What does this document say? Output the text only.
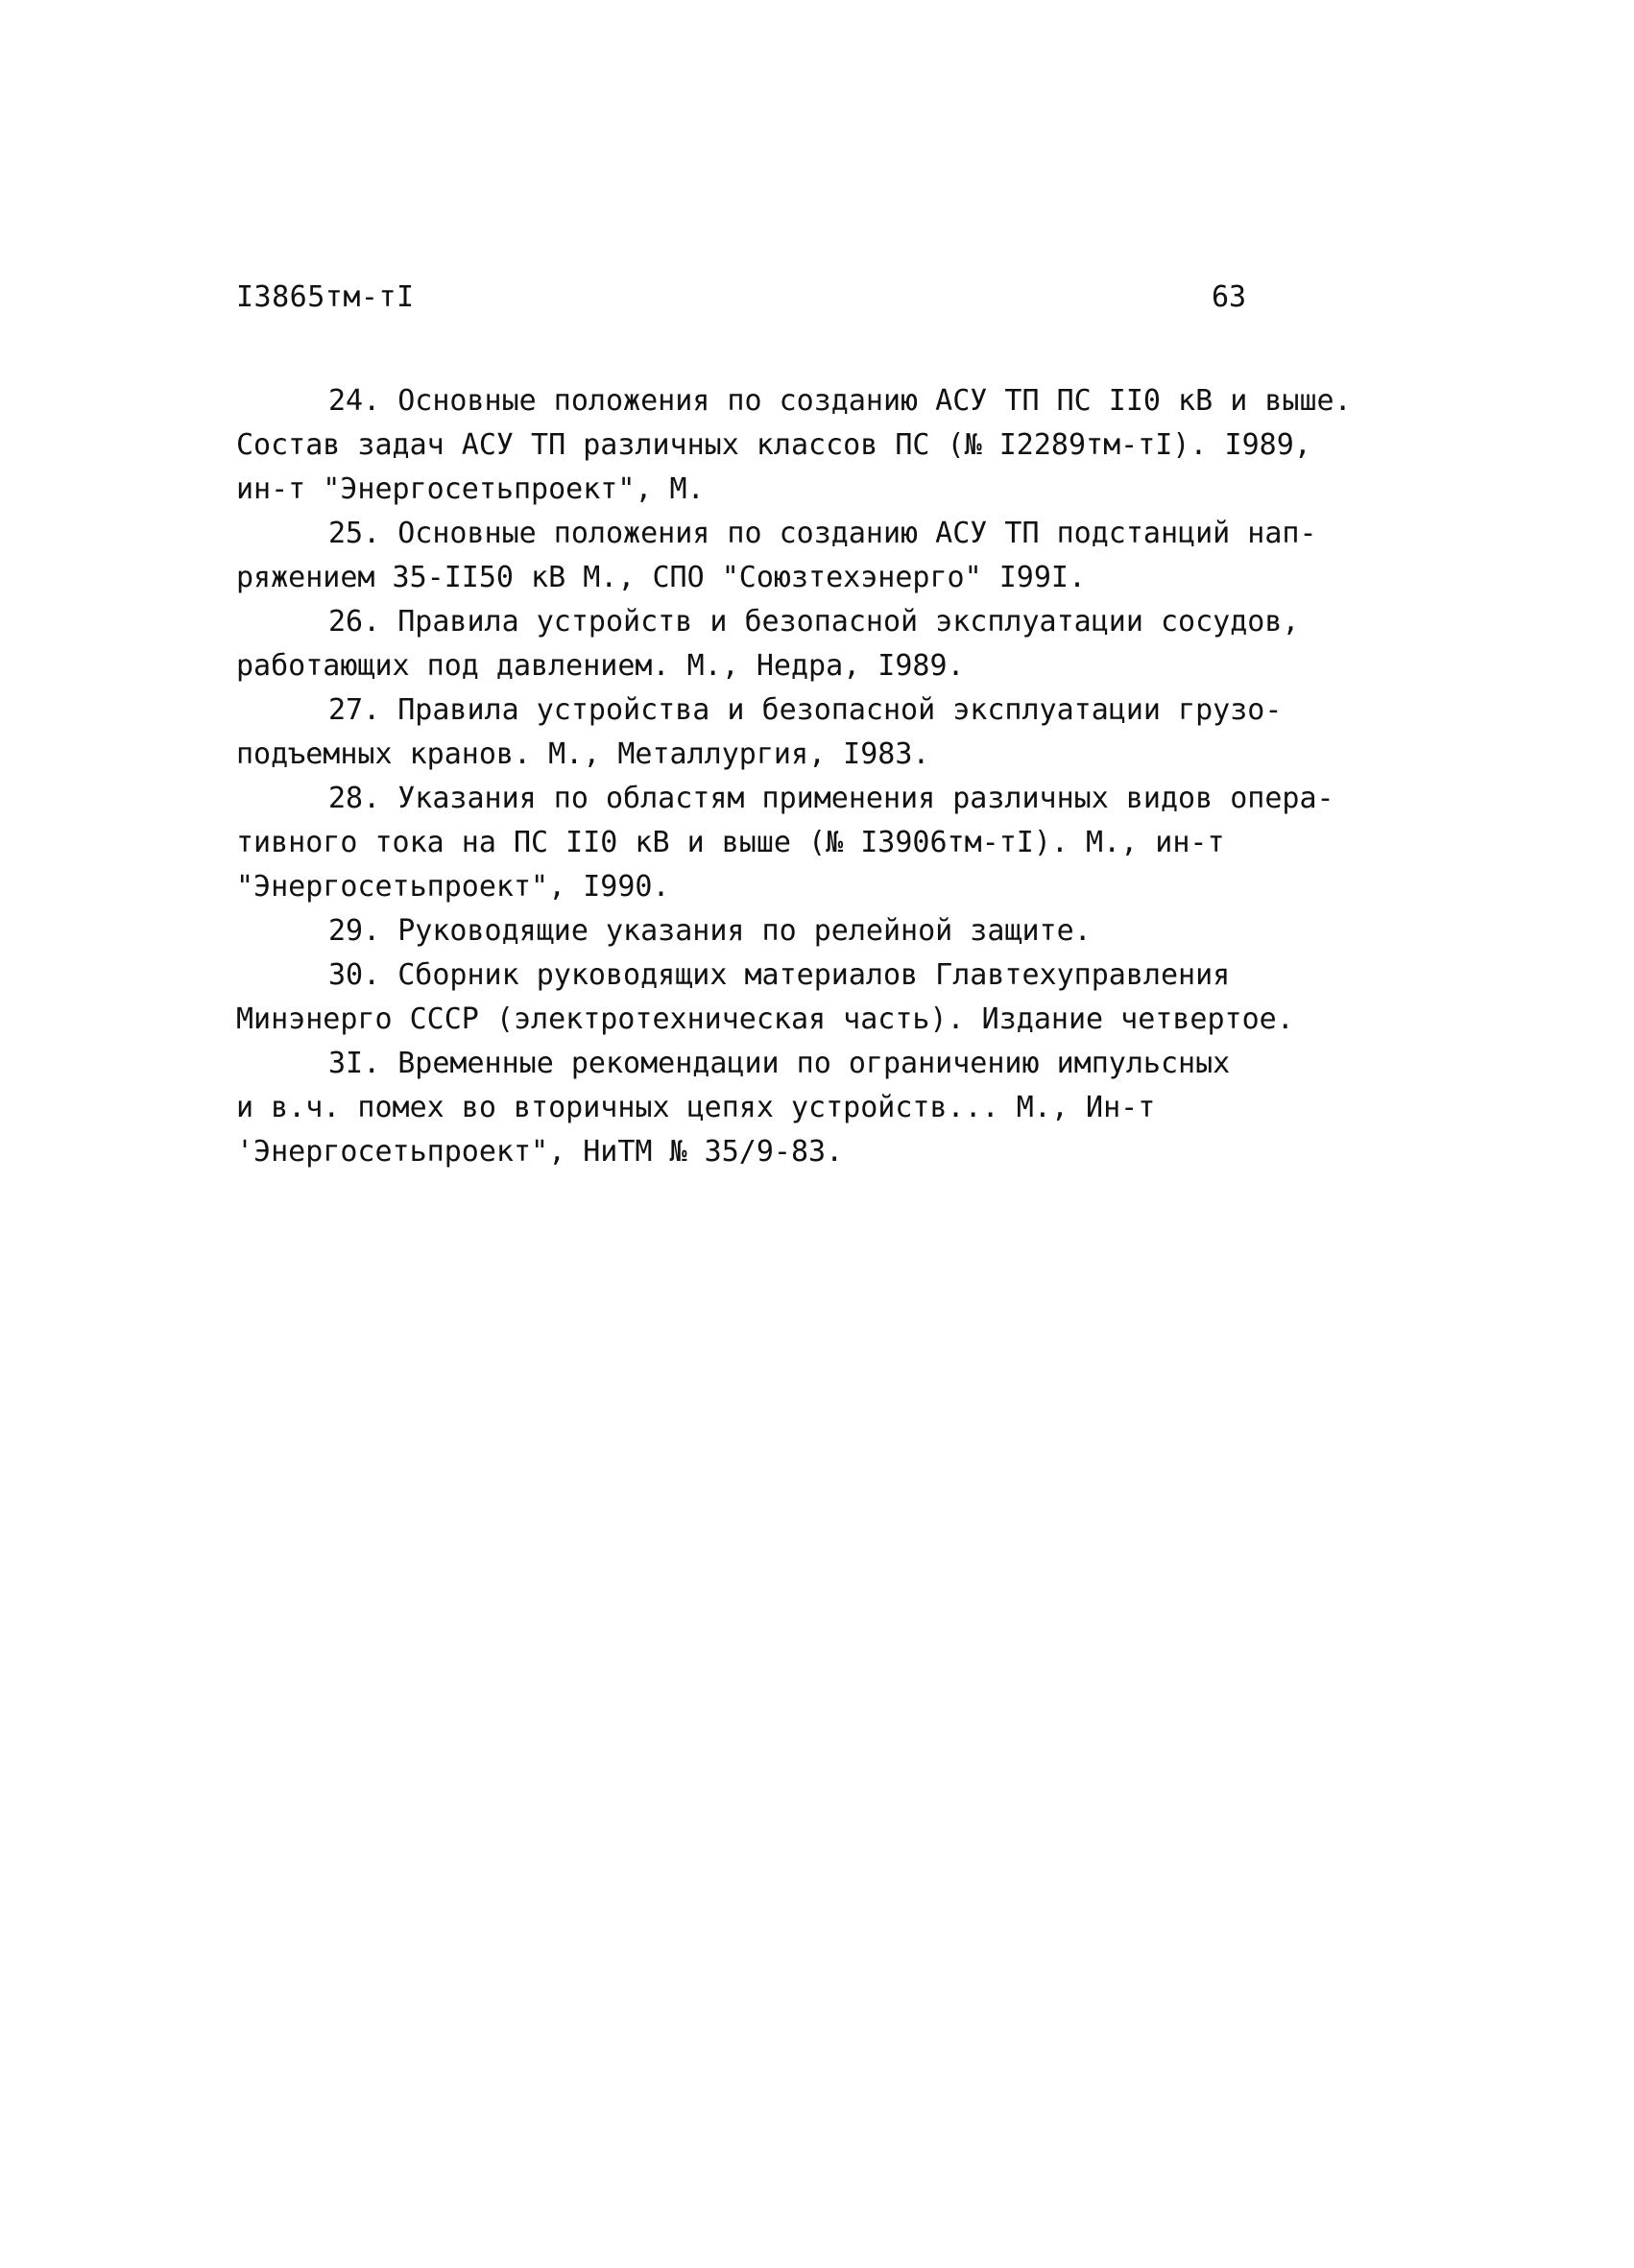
I3865тм-тI	63
24. Основные положения по созданию АСУ ТП ПС II0 кВ и выше.
Состав задач АСУ ТП различных классов ПС (№ I2289тм-тI). I989,
ин-т "Энергосетьпроект", М.
25. Основные положения по созданию АСУ ТП подстанций нап-
ряжением 35-II50 кВ М., СПО "Союзтехэнерго" I99I.
26. Правила устройств и безопасной эксплуатации сосудов,
работающих под давлением. М., Недра, I989.
27. Правила устройства и безопасной эксплуатации грузо-
подъемных кранов. М., Металлургия, I983.
28. Указания по областям применения различных видов опера-
тивного тока на ПС II0 кВ и выше (№ I3906тм-тI). М., ин-т
"Энергосетьпроект", I990.
29. Руководящие указания по релейной защите.
30. Сборник руководящих материалов Главтехуправления
Минэнерго СССР (электротехническая часть). Издание четвертое.
3I. Временные рекомендации по ограничению импульсных
и в.ч. помех во вторичных цепях устройств... М., Ин-т
'Энергосетьпроект", НиТМ № 35/9-83.
